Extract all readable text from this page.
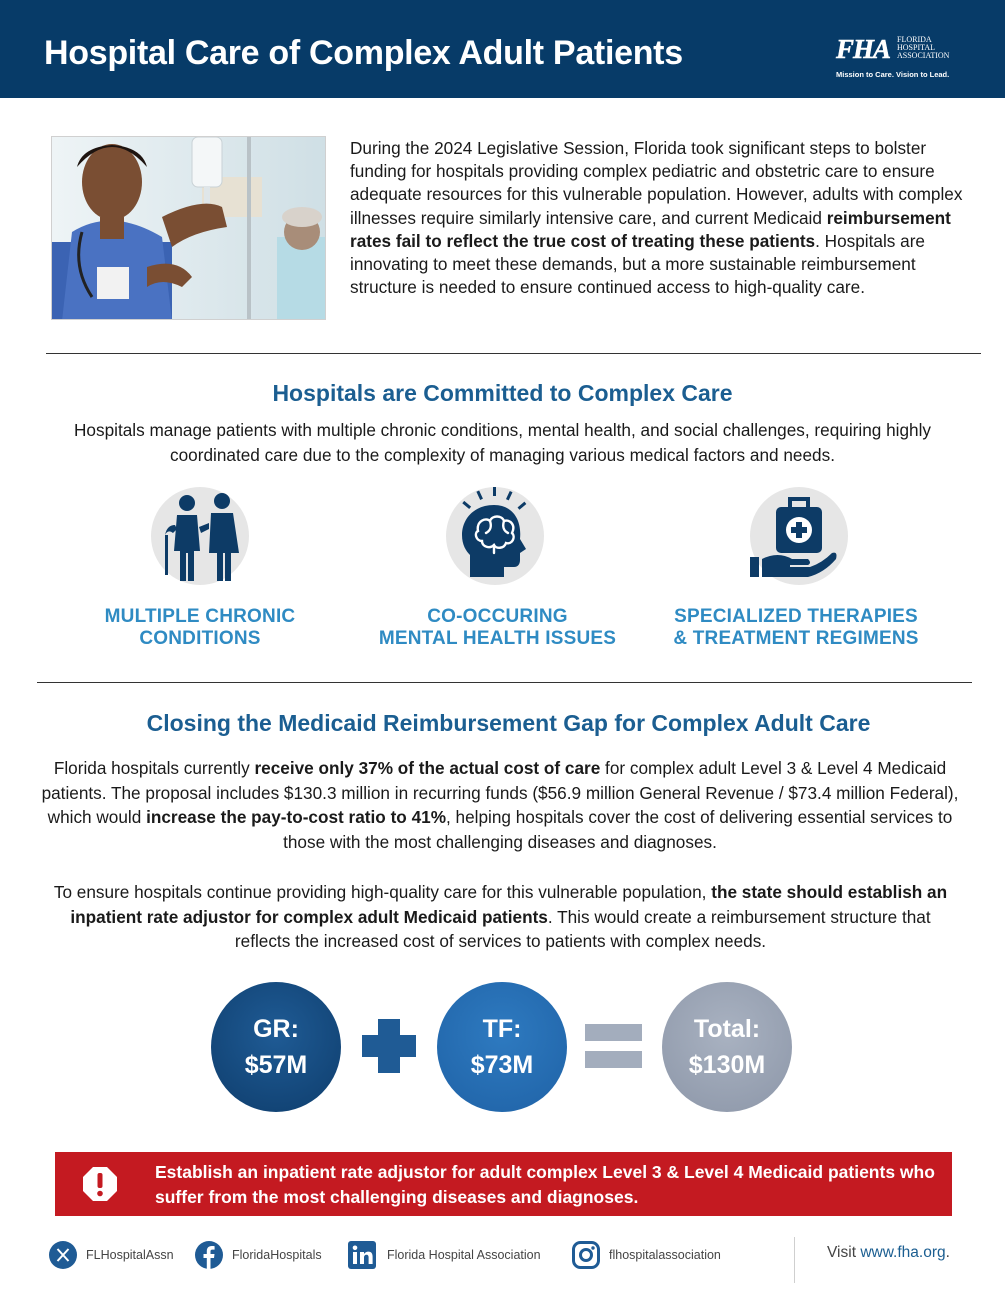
Hospital Care of Complex Adult Patients	FHA FLORIDA
HOSPITAL
ASSOCIATION
Mission to Care. Vision to Lead.
During the 2024 Legislative Session, Florida took significant steps to bolster funding for hospitals providing complex pediatric and obstetric care to ensure adequate resources for this vulnerable population. However, adults with complex illnesses require similarly intensive care, and current Medicaid reimbursement rates fail to reflect the true cost of treating these patients. Hospitals are innovating to meet these demands, but a more sustainable reimbursement structure is needed to ensure continued access to high-quality care.
Hospitals are Committed to Complex Care
Hospitals manage patients with multiple chronic conditions, mental health, and social challenges, requiring highly coordinated care due to the complexity of managing various medical factors and needs.
MULTIPLE CHRONIC
CONDITIONS
CO-OCCURING
MENTAL HEALTH ISSUES
SPECIALIZED THERAPIES
& TREATMENT REGIMENS
Closing the Medicaid Reimbursement Gap for Complex Adult Care
Florida hospitals currently receive only 37% of the actual cost of care for complex adult Level 3 & Level 4 Medicaid patients. The proposal includes $130.3 million in recurring funds ($56.9 million General Revenue / $73.4 million Federal), which would increase the pay-to-cost ratio to 41%, helping hospitals cover the cost of delivering essential services to those with the most challenging diseases and diagnoses.
To ensure hospitals continue providing high-quality care for this vulnerable population, the state should establish an inpatient rate adjustor for complex adult Medicaid patients. This would create a reimbursement structure that reflects the increased cost of services to patients with complex needs.
GR:
$57M
TF:
$73M
Total:
$130M
Establish an inpatient rate adjustor for adult complex Level 3 & Level 4 Medicaid patients who suffer from the most challenging diseases and diagnoses.
FLHospitalAssn	FloridaHospitals	Florida Hospital Association	flhospitalassociation	Visit www.fha.org.
